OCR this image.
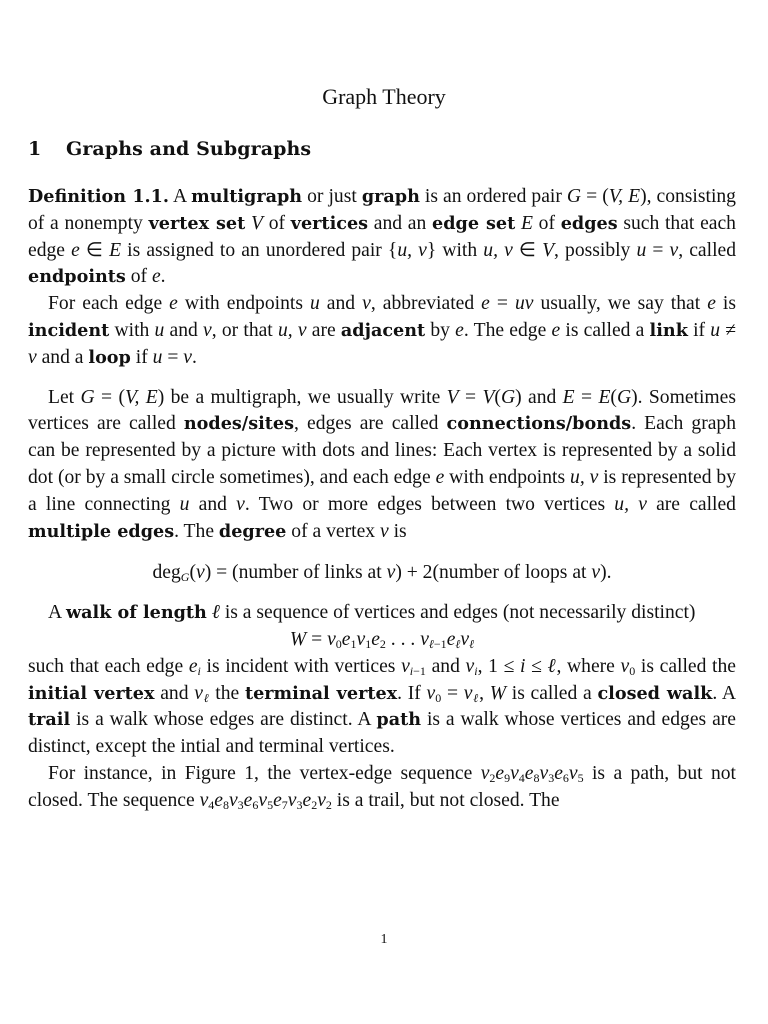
Graph Theory
1 Graphs and Subgraphs

Definition 1.1. A multigraph or just graph is an ordered pair G = (V, E), consisting of a nonempty vertex set V of vertices and an edge set E of edges such that each edge e ∈ E is assigned to an unordered pair {u, v} with u, v ∈ V, possibly u = v, called endpoints of e.

For each edge e with endpoints u and v, abbreviated e = uv usually, we say that e is incident with u and v, or that u, v are adjacent by e. The edge e is called a link if u ≠ v and a loop if u = v.

Let G = (V, E) be a multigraph, we usually write V = V(G) and E = E(G). Sometimes vertices are called nodes/sites, edges are called connections/bonds. Each graph can be represented by a picture with dots and lines: Each vertex is represented by a solid dot (or by a small circle sometimes), and each edge e with endpoints u, v is represented by a line connecting u and v. Two or more edges between two vertices u, v are called multiple edges. The degree of a vertex v is

deg$_G$(v) = (number of links at v) + 2(number of loops at v).

A walk of length ℓ is a sequence of vertices and edges (not necessarily distinct)

$W = v_0e_1v_1e_2$ . . . $v_{\ell-1}e_\ell v_\ell$

such that each edge $e_i$ is incident with vertices $v_{i-1}$ and $v_i$, 1 ≤ i ≤ ℓ, where $v_0$ is called the initial vertex and $v_\ell$ the terminal vertex. If $v_0 = v_\ell$, W is called a closed walk. A trail is a walk whose edges are distinct. A path is a walk whose vertices and edges are distinct, except the intial and terminal vertices.

For instance, in Figure 1, the vertex-edge sequence $v_2e_9v_4e_8v_3e_6v_5$ is a path, but not closed. The sequence $v_4e_8v_3e_6v_5e_7v_3e_2v_2$ is a trail, but not closed. The

1
